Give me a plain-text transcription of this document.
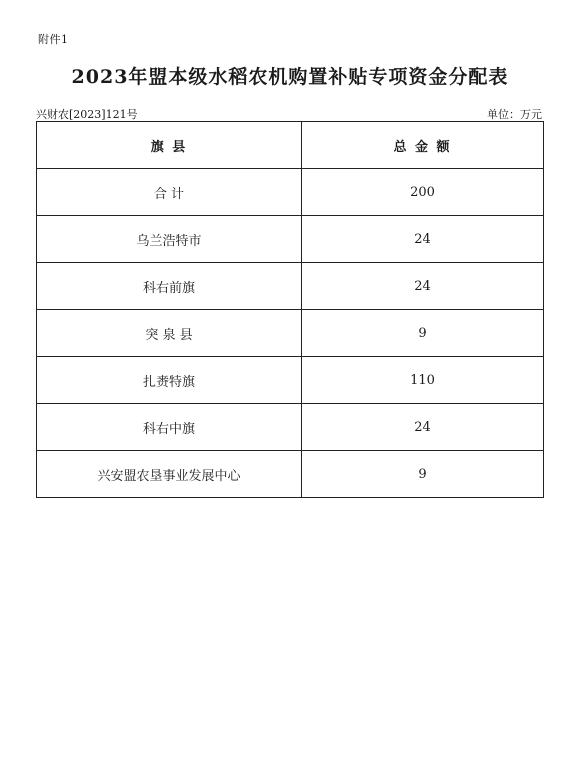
附件1
2023年盟本级水稻农机购置补贴专项资金分配表
兴财农[2023]121号	单位：万元
旗 县	总 金 额
合 计	200
乌兰浩特市	24
科右前旗	24
突 泉 县	9
扎赉特旗	110
科右中旗	24
兴安盟农垦事业发展中心	9
